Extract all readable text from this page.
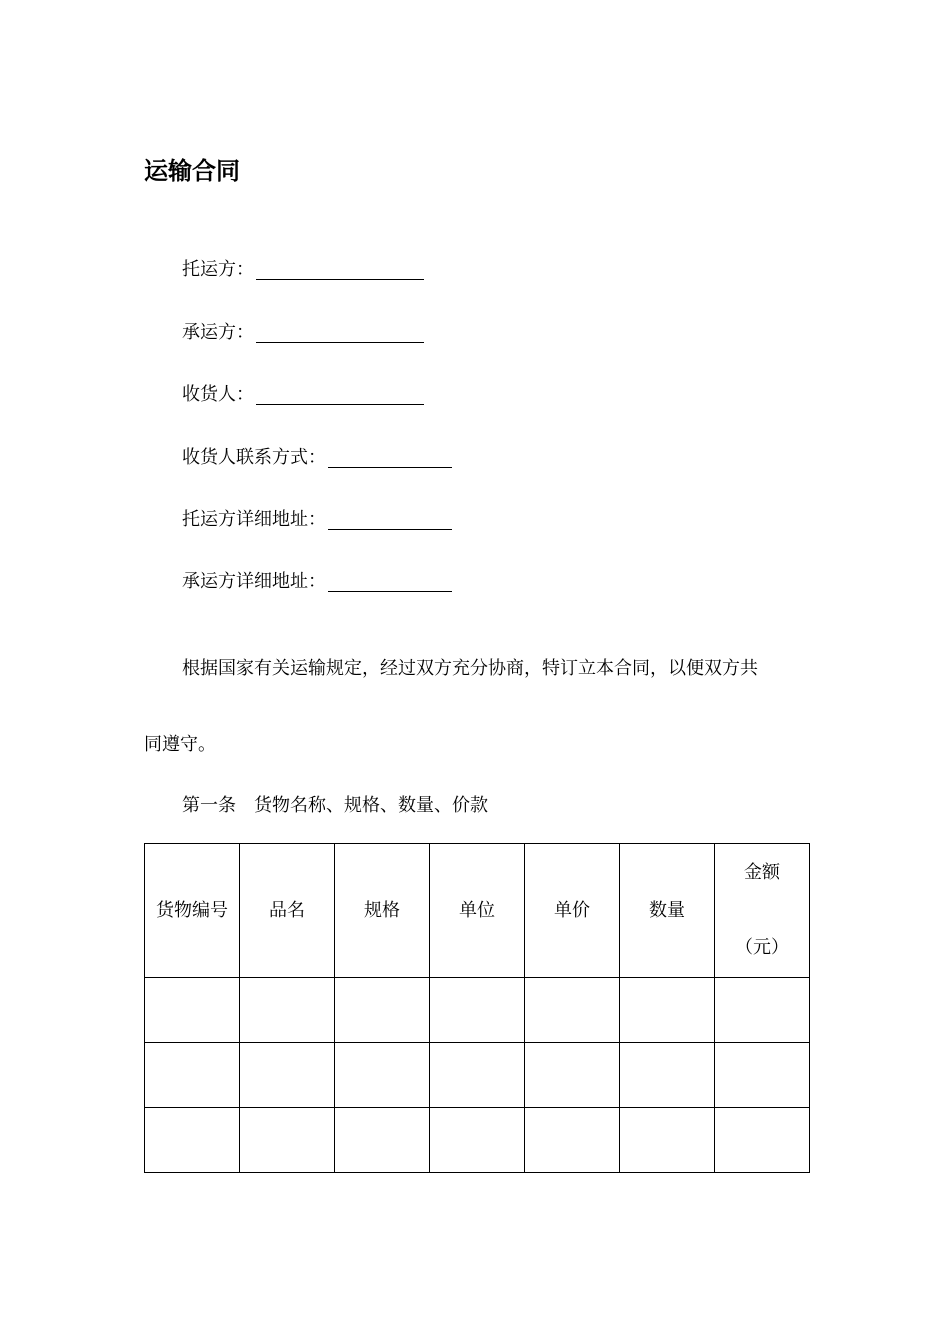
运输合同
托运方：
承运方：
收货人：
收货人联系方式：
托运方详细地址：
承运方详细地址：
根据国家有关运输规定，经过双方充分协商，特订立本合同，以便双方共
同遵守。
第一条　货物名称、规格、数量、价款
货物编号	品名	规格	单位	单价	数量	金额
（元）
